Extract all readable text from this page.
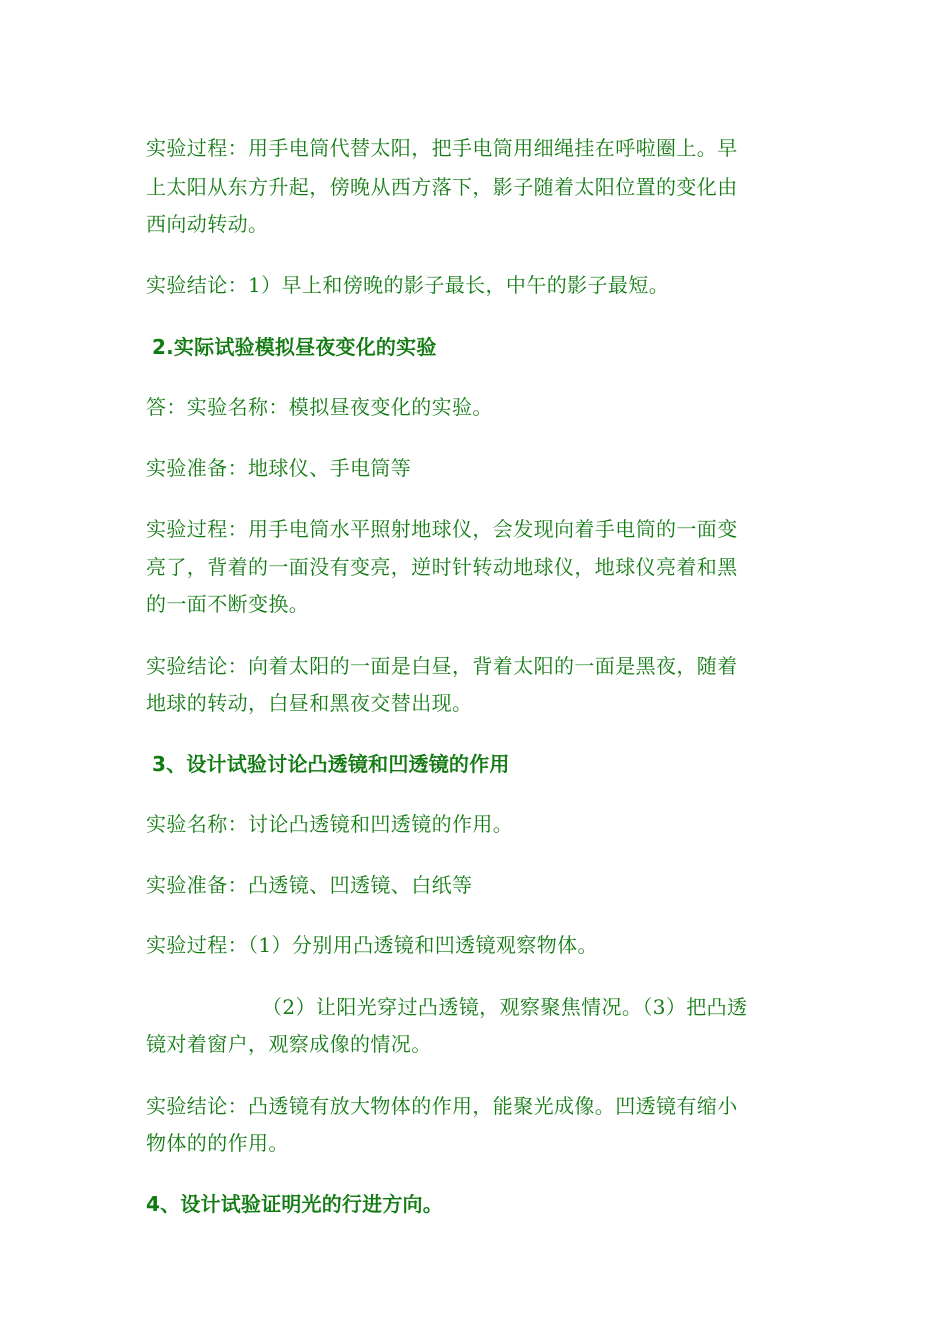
实验过程：用手电筒代替太阳，把手电筒用细绳挂在呼啦圈上。早
上太阳从东方升起，傍晚从西方落下，影子随着太阳位置的变化由
西向动转动。
实验结论：1）早上和傍晚的影子最长，中午的影子最短。
2.实际试验模拟昼夜变化的实验
答：实验名称：模拟昼夜变化的实验。
实验准备：地球仪、手电筒等
实验过程：用手电筒水平照射地球仪，会发现向着手电筒的一面变
亮了，背着的一面没有变亮，逆时针转动地球仪，地球仪亮着和黑
的一面不断变换。
实验结论：向着太阳的一面是白昼，背着太阳的一面是黑夜，随着
地球的转动，白昼和黑夜交替出现。
3、设计试验讨论凸透镜和凹透镜的作用
实验名称：讨论凸透镜和凹透镜的作用。
实验准备：凸透镜、凹透镜、白纸等
实验过程：（1）分别用凸透镜和凹透镜观察物体。
（2）让阳光穿过凸透镜，观察聚焦情况。（3）把凸透
镜对着窗户，观察成像的情况。
实验结论：凸透镜有放大物体的作用，能聚光成像。凹透镜有缩小
物体的的作用。
4、设计试验证明光的行进方向。
